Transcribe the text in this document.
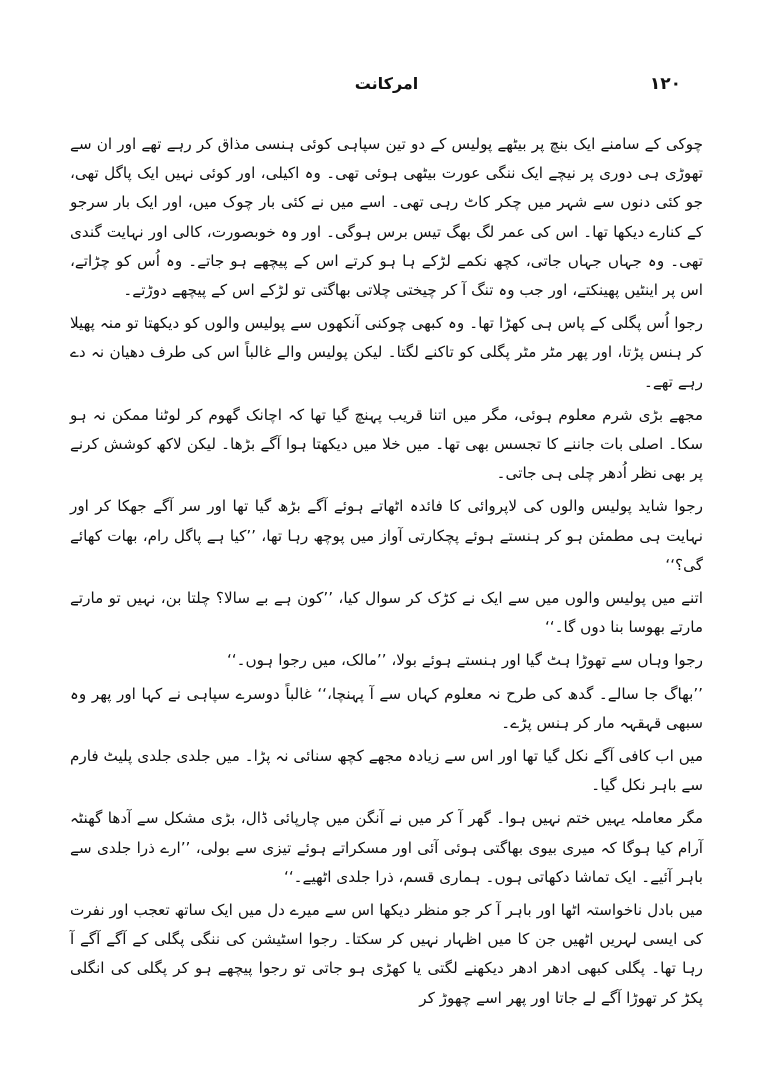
۱۲۰
امرکانت

چوکی کے سامنے ایک بنچ پر بیٹھے پولیس کے دو تین سپاہی کوئی ہنسی مذاق کر رہے تھے اور ان سے تھوڑی ہی دوری پر نیچے ایک ننگی عورت بیٹھی ہوئی تھی۔ وہ اکیلی، اور کوئی نہیں ایک پاگل تھی، جو کئی دنوں سے شہر میں چکر کاٹ رہی تھی۔ اسے میں نے کئی بار چوک میں، اور ایک بار سرجو کے کنارے دیکھا تھا۔ اس کی عمر لگ بھگ تیس برس ہوگی۔ اور وہ خوبصورت، کالی اور نہایت گندی تھی۔ وہ جہاں جہاں جاتی، کچھ نکمے لڑکے ہا ہو کرتے اس کے پیچھے ہو جاتے۔ وہ اُس کو چڑاتے، اس پر اینٹیں پھینکتے، اور جب وہ تنگ آ کر چیختی چلاتی بھاگتی تو لڑکے اس کے پیچھے دوڑتے۔

رجوا اُس پگلی کے پاس ہی کھڑا تھا۔ وہ کبھی چوکنی آنکھوں سے پولیس والوں کو دیکھتا تو منہ پھیلا کر ہنس پڑتا، اور پھر مٹر مٹر پگلی کو تاکنے لگتا۔ لیکن پولیس والے غالباً اس کی طرف دھیان نہ دے رہے تھے۔

مجھے بڑی شرم معلوم ہوئی، مگر میں اتنا قریب پہنچ گیا تھا کہ اچانک گھوم کر لوٹنا ممکن نہ ہو سکا۔ اصلی بات جاننے کا تجسس بھی تھا۔ میں خلا میں دیکھتا ہوا آگے بڑھا۔ لیکن لاکھ کوشش کرنے پر بھی نظر اُدھر چلی ہی جاتی۔

رجوا شاید پولیس والوں کی لاپروائی کا فائدہ اٹھاتے ہوئے آگے بڑھ گیا تھا اور سر آگے جھکا کر اور نہایت ہی مطمئن ہو کر ہنستے ہوئے پچکارتی آواز میں پوچھ رہا تھا، ’’کیا ہے پاگل رام، بھات کھائے گی؟‘‘

اتنے میں پولیس والوں میں سے ایک نے کڑک کر سوال کیا، ’’کون ہے بے سالا؟ چلتا بن، نہیں تو مارتے مارتے بھوسا بنا دوں گا۔‘‘

رجوا وہاں سے تھوڑا ہٹ گیا اور ہنستے ہوئے بولا، ’’مالک، میں رجوا ہوں۔‘‘

’’بھاگ جا سالے۔ گدھ کی طرح نہ معلوم کہاں سے آ پہنچا،‘‘ غالباً دوسرے سپاہی نے کہا اور پھر وہ سبھی قہقہہ مار کر ہنس پڑے۔

میں اب کافی آگے نکل گیا تھا اور اس سے زیادہ مجھے کچھ سنائی نہ پڑا۔ میں جلدی جلدی پلیٹ فارم سے باہر نکل گیا۔

مگر معاملہ یہیں ختم نہیں ہوا۔ گھر آ کر میں نے آنگن میں چارپائی ڈال، بڑی مشکل سے آدھا گھنٹہ آرام کیا ہوگا کہ میری بیوی بھاگتی ہوئی آئی اور مسکراتے ہوئے تیزی سے بولی، ’’ارے ذرا جلدی سے باہر آئیے۔ ایک تماشا دکھاتی ہوں۔ ہماری قسم، ذرا جلدی اٹھیے۔‘‘

میں بادل ناخواستہ اٹھا اور باہر آ کر جو منظر دیکھا اس سے میرے دل میں ایک ساتھ تعجب اور نفرت کی ایسی لہریں اٹھیں جن کا میں اظہار نہیں کر سکتا۔ رجوا اسٹیشن کی ننگی پگلی کے آگے آگے آ رہا تھا۔ پگلی کبھی ادھر ادھر دیکھنے لگتی یا کھڑی ہو جاتی تو رجوا پیچھے ہو کر پگلی کی انگلی پکڑ کر تھوڑا آگے لے جاتا اور پھر اسے چھوڑ کر
